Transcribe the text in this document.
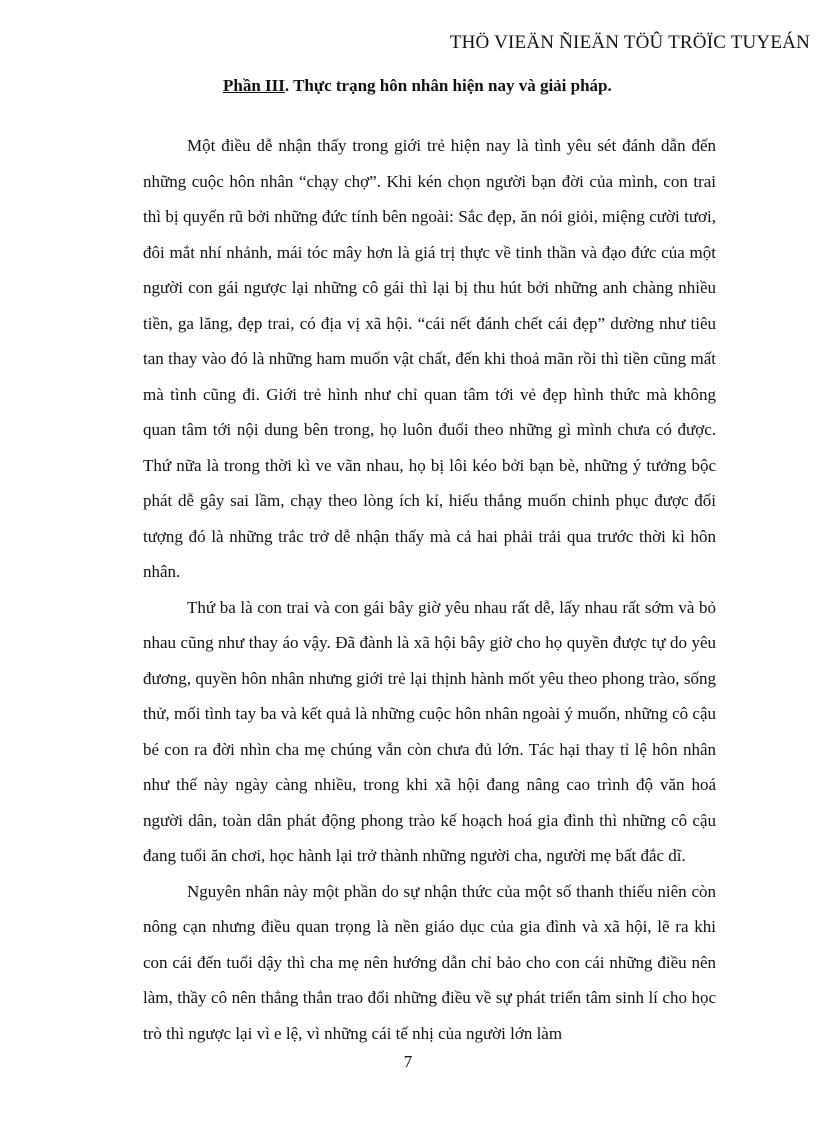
THÖ VIEÄN ÑIEÄN TÖÛ TRÖÏC TUYEÁN
Phần III. Thực trạng hôn nhân hiện nay và giải pháp.

Một điều dễ nhận thấy trong giới trẻ hiện nay là tình yêu sét đánh dẫn đến những cuộc hôn nhân “chạy chợ”. Khi kén chọn người bạn đời của mình, con trai thì bị quyến rũ bởi những đức tính bên ngoài: Sắc đẹp, ăn nói giỏi, miệng cười tươi, đôi mắt nhí nhảnh, mái tóc mây hơn là giá trị thực về tinh thần và đạo đức của một người con gái ngược lại những cô gái thì lại bị thu hút bởi những anh chàng nhiều tiền, ga lăng, đẹp trai, có địa vị xã hội. “cái nết đánh chết cái đẹp” dường như tiêu tan thay vào đó là những ham muốn vật chất, đến khi thoả mãn rồi thì tiền cũng mất mà tình cũng đi. Giới trẻ hình như chỉ quan tâm tới vẻ đẹp hình thức mà không quan tâm tới nội dung bên trong, họ luôn đuổi theo những gì mình chưa có được. Thứ nữa là trong thời kì ve vãn nhau, họ bị lôi kéo bởi bạn bè, những ý tưởng bộc phát dễ gây sai lầm, chạy theo lòng ích kỉ, hiếu thắng muốn chinh phục được đối tượng đó là những trắc trở dễ nhận thấy mà cả hai phải trải qua trước thời kì hôn nhân.

Thứ ba là con trai và con gái bây giờ yêu nhau rất dễ, lấy nhau rất sớm và bỏ nhau cũng như thay áo vậy. Đã đành là xã hội bây giờ cho họ quyền được tự do yêu đương, quyền hôn nhân nhưng giới trẻ lại thịnh hành mốt yêu theo phong trào, sống thử, mối tình tay ba và kết quả là những cuộc hôn nhân ngoài ý muốn, những cô cậu bé con ra đời nhìn cha mẹ chúng vẫn còn chưa đủ lớn. Tác hại thay tỉ lệ hôn nhân như thế này ngày càng nhiều, trong khi xã hội đang nâng cao trình độ văn hoá người dân, toàn dân phát động phong trào kế hoạch hoá gia đình thì những cô cậu đang tuổi ăn chơi, học hành lại trở thành những người cha, người mẹ bất đắc dĩ.

Nguyên nhân này một phần do sự nhận thức của một số thanh thiếu niên còn nông cạn nhưng điều quan trọng là nền giáo dục của gia đình và xã hội, lẽ ra khi con cái đến tuổi dậy thì cha mẹ nên hướng dẫn chỉ bảo cho con cái những điều nên làm, thầy cô nên thẳng thắn trao đổi những điều về sự phát triển tâm sinh lí cho học trò thì ngược lại vì e lệ, vì những cái tế nhị của người lớn làm

7
